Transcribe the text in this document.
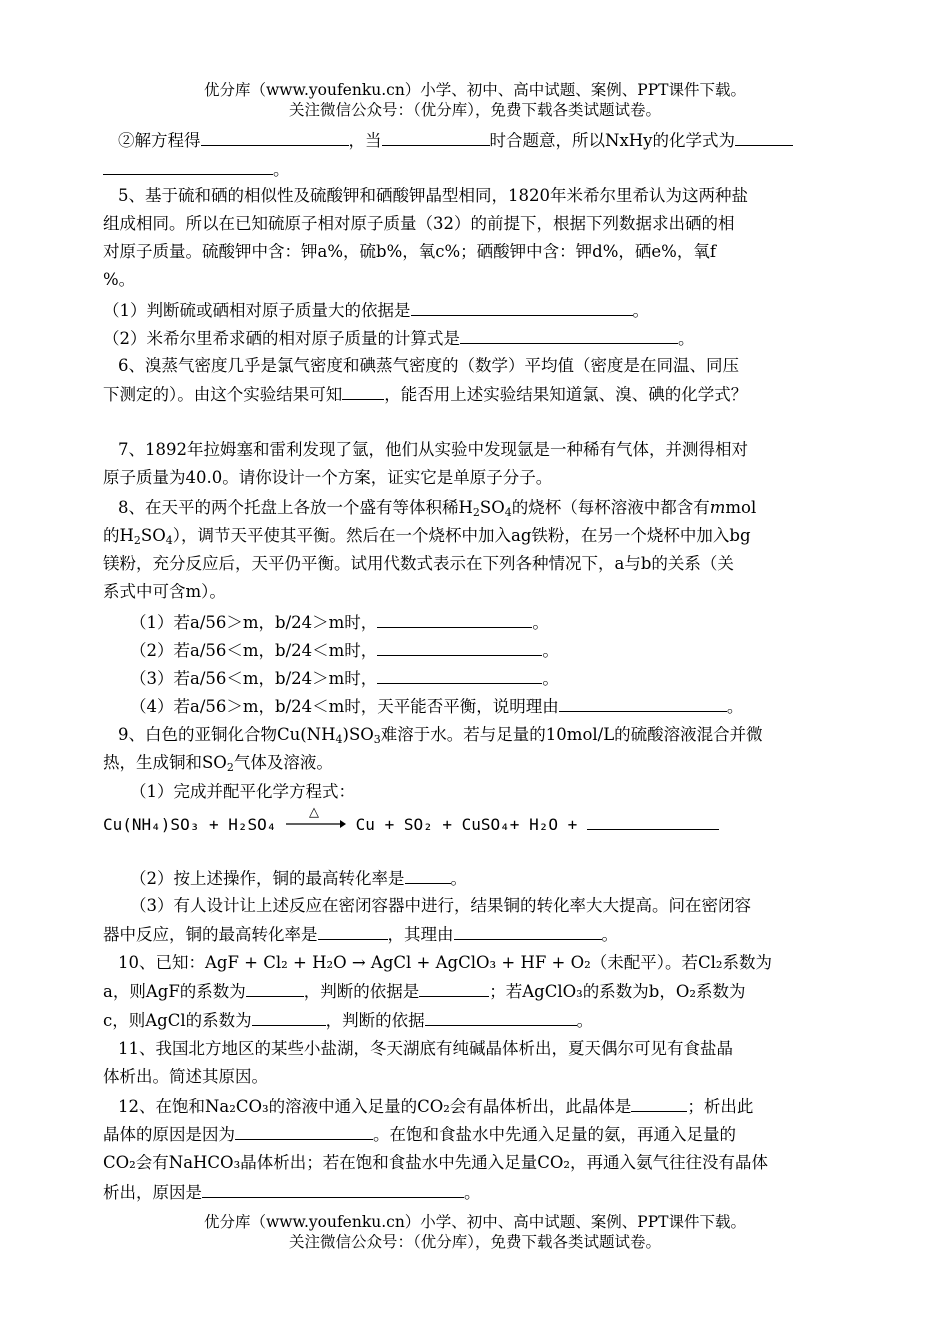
优分库（www.youfenku.cn）小学、初中、高中试题、案例、PPT课件下载。
关注微信公众号：（优分库），免费下载各类试题试卷。
②解方程得	，当	时合题意，所以NxHy的化学式为
。
5、基于硫和硒的相似性及硫酸钾和硒酸钾晶型相同，1820年米希尔里希认为这两种盐
组成相同。所以在已知硫原子相对原子质量（32）的前提下，根据下列数据求出硒的相
对原子质量。硫酸钾中含：钾a%，硫b%，氧c%；硒酸钾中含：钾d%，硒e%，氧f
%。
（1）判断硫或硒相对原子质量大的依据是	。
（2）米希尔里希求硒的相对原子质量的计算式是	。
6、溴蒸气密度几乎是氯气密度和碘蒸气密度的（数学）平均值（密度是在同温、同压
下测定的）。由这个实验结果可知	，能否用上述实验结果知道氯、溴、碘的化学式？
7、1892年拉姆塞和雷利发现了氩，他们从实验中发现氩是一种稀有气体，并测得相对
原子质量为40.0。请你设计一个方案，证实它是单原子分子。
8、在天平的两个托盘上各放一个盛有等体积稀$H_2SO_4$的烧杯（每杯溶液中都含有mmol
的$H_2SO_4$），调节天平使其平衡。然后在一个烧杯中加入ag铁粉，在另一个烧杯中加入bg
镁粉，充分反应后，天平仍平衡。试用代数式表示在下列各种情况下，a与b的关系（关
系式中可含m）。
（1）若a/56＞m，b/24＞m时，	。
（2）若a/56＜m，b/24＜m时，	。
（3）若a/56＜m，b/24＞m时，	。
（4）若a/56＞m，b/24＜m时，天平能否平衡，说明理由	。
9、白色的亚铜化合物$Cu(NH_4)SO_3$难溶于水。若与足量的10mol/L的硫酸溶液混合并微
热，生成铜和$SO_2$气体及溶液。
（1）完成并配平化学方程式：
Cu(NH₄)SO₃ + H₂SO₄
△
Cu + SO₂ + CuSO₄+ H₂O +
（2）按上述操作，铜的最高转化率是	。
（3）有人设计让上述反应在密闭容器中进行，结果铜的转化率大大提高。问在密闭容
器中反应，铜的最高转化率是	，其理由	。
10、已知：AgF + Cl₂ + H₂O → AgCl + AgClO₃ + HF + O₂（未配平）。若Cl₂系数为
a，则AgF的系数为	，判断的依据是	；若AgClO₃的系数为b，O₂系数为
c，则AgCl的系数为	，判断的依据	。
11、我国北方地区的某些小盐湖，冬天湖底有纯碱晶体析出，夏天偶尔可见有食盐晶
体析出。简述其原因。
12、在饱和Na₂CO₃的溶液中通入足量的CO₂会有晶体析出，此晶体是	；析出此
晶体的原因是因为	。在饱和食盐水中先通入足量的氨，再通入足量的
CO₂会有NaHCO₃晶体析出；若在饱和食盐水中先通入足量CO₂，再通入氨气往往没有晶体
析出，原因是	。
优分库（www.youfenku.cn）小学、初中、高中试题、案例、PPT课件下载。
关注微信公众号：（优分库），免费下载各类试题试卷。
